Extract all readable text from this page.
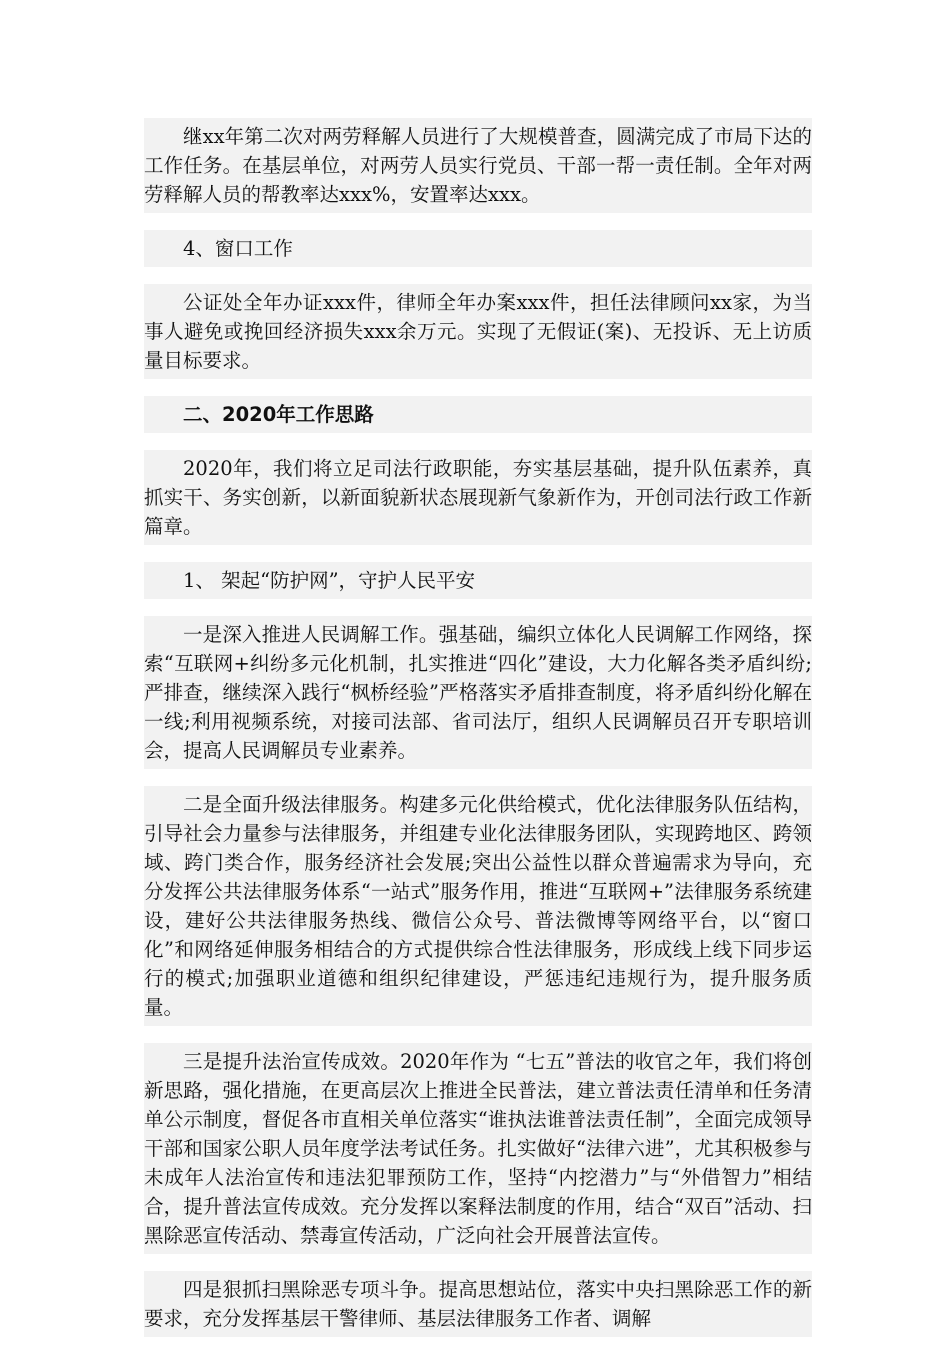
继xx年第二次对两劳释解人员进行了大规模普查，圆满完成了市局下达的工作任务。在基层单位，对两劳人员实行党员、干部一帮一责任制。全年对两劳释解人员的帮教率达xxx%，安置率达xxx。

4、窗口工作

公证处全年办证xxx件，律师全年办案xxx件，担任法律顾问xx家，为当事人避免或挽回经济损失xxx余万元。实现了无假证(案)、无投诉、无上访质量目标要求。

二、2020年工作思路

2020年，我们将立足司法行政职能，夯实基层基础，提升队伍素养，真抓实干、务实创新，以新面貌新状态展现新气象新作为，开创司法行政工作新篇章。

1、 架起“防护网”，守护人民平安

一是深入推进人民调解工作。强基础，编织立体化人民调解工作网络，探索“互联网+纠纷多元化机制，扎实推进“四化”建设，大力化解各类矛盾纠纷;严排查，继续深入践行“枫桥经验”严格落实矛盾排查制度，将矛盾纠纷化解在一线;利用视频系统，对接司法部、省司法厅，组织人民调解员召开专职培训会，提高人民调解员专业素养。

二是全面升级法律服务。构建多元化供给模式，优化法律服务队伍结构，引导社会力量参与法律服务，并组建专业化法律服务团队，实现跨地区、跨领域、跨门类合作，服务经济社会发展;突出公益性以群众普遍需求为导向，充分发挥公共法律服务体系“一站式”服务作用，推进“互联网+”法律服务系统建设，建好公共法律服务热线、微信公众号、普法微博等网络平台，以“窗口化”和网络延伸服务相结合的方式提供综合性法律服务，形成线上线下同步运行的模式;加强职业道德和组织纪律建设，严惩违纪违规行为，提升服务质量。

三是提升法治宣传成效。2020年作为 “七五”普法的收官之年，我们将创新思路，强化措施，在更高层次上推进全民普法，建立普法责任清单和任务清单公示制度，督促各市直相关单位落实“谁执法谁普法责任制”，全面完成领导干部和国家公职人员年度学法考试任务。扎实做好“法律六进”，尤其积极参与未成年人法治宣传和违法犯罪预防工作，坚持“内挖潜力”与“外借智力”相结合，提升普法宣传成效。充分发挥以案释法制度的作用，结合“双百”活动、扫黑除恶宣传活动、禁毒宣传活动，广泛向社会开展普法宣传。

四是狠抓扫黑除恶专项斗争。提高思想站位，落实中央扫黑除恶工作的新要求，充分发挥基层干警律师、基层法律服务工作者、调解
